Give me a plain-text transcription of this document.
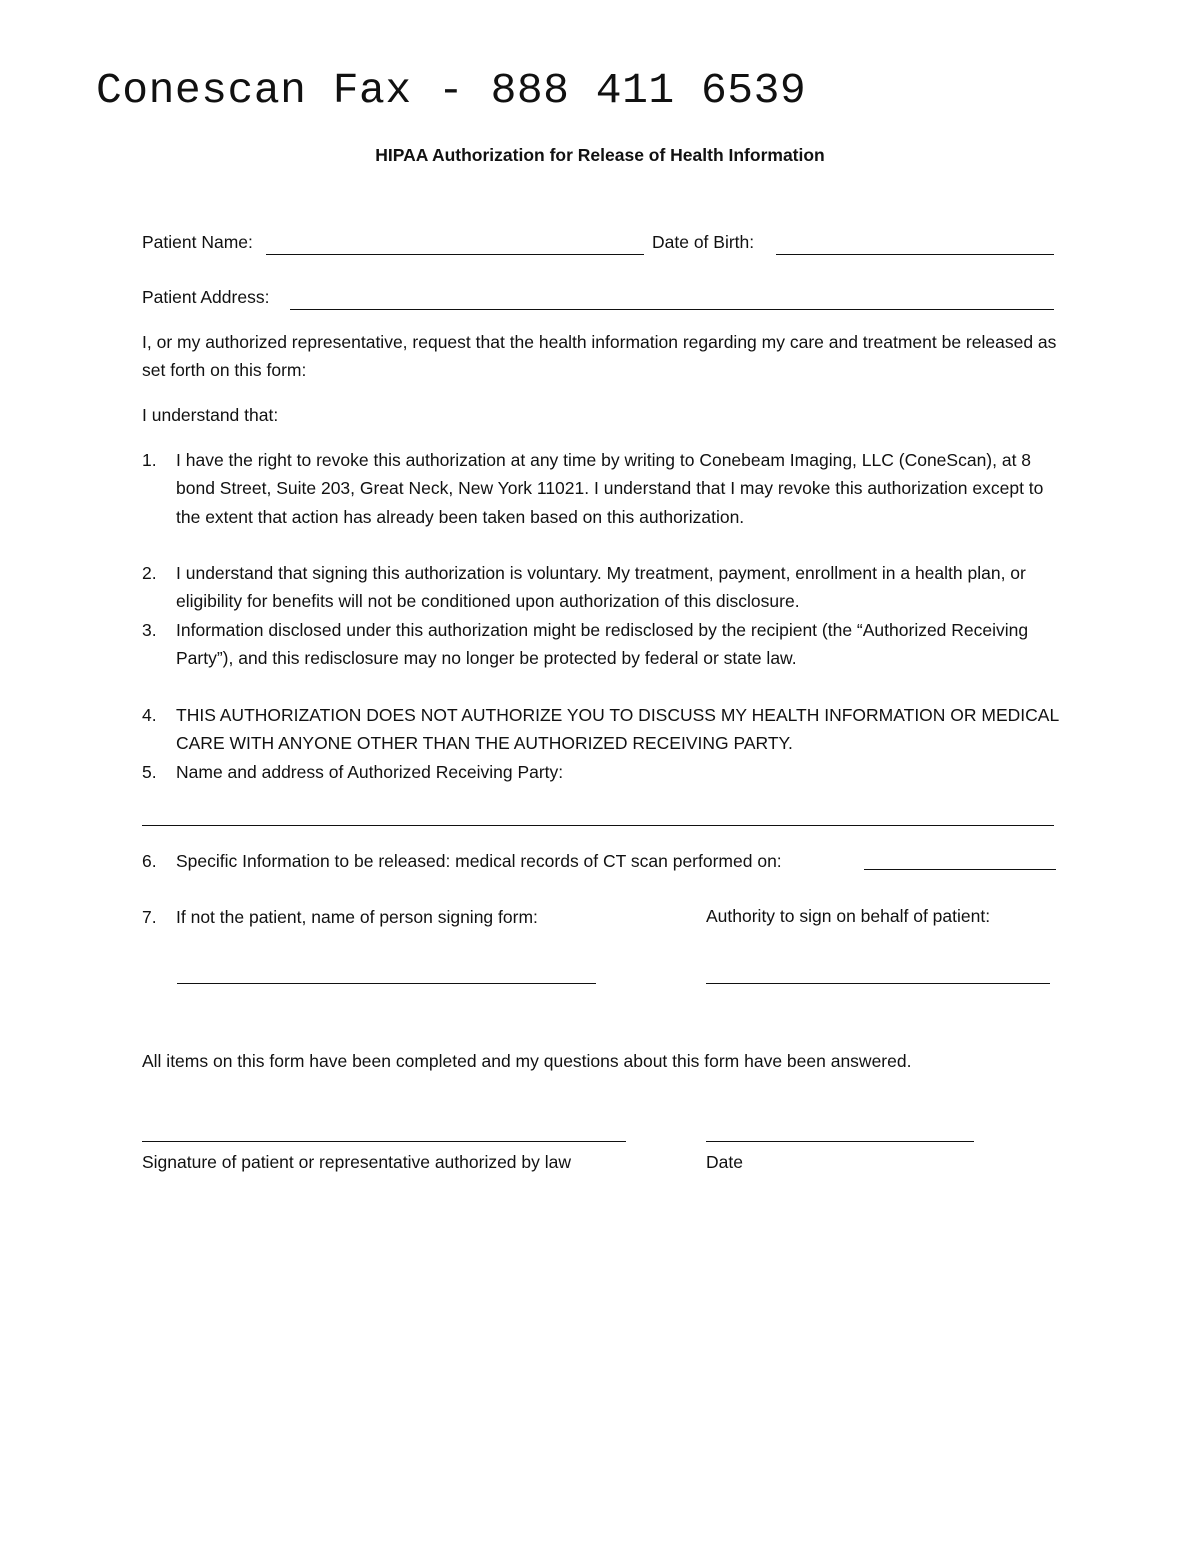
Conescan Fax - 888 411 6539
HIPAA Authorization for Release of Health Information
Patient Name:	Date of Birth:
Patient Address:
I, or my authorized representative, request that the health information regarding my care and treatment be released as set forth on this form:
I understand that:
1.	I have the right to revoke this authorization at any time by writing to Conebeam Imaging, LLC (ConeScan), at 8 bond Street, Suite 203, Great Neck, New York 11021. I understand that I may revoke this authorization except to the extent that action has already been taken based on this authorization.
2.	I understand that signing this authorization is voluntary. My treatment, payment, enrollment in a health plan, or eligibility for benefits will not be conditioned upon authorization of this disclosure.
3.	Information disclosed under this authorization might be redisclosed by the recipient (the “Authorized Receiving Party”), and this redisclosure may no longer be protected by federal or state law.
4.	THIS AUTHORIZATION DOES NOT AUTHORIZE YOU TO DISCUSS MY HEALTH INFORMATION OR MEDICAL CARE WITH ANYONE OTHER THAN THE AUTHORIZED RECEIVING PARTY.
5.	Name and address of Authorized Receiving Party:
6.	Specific Information to be released: medical records of CT scan performed on:
7.	If not the patient, name of person signing form:	Authority to sign on behalf of patient:
All items on this form have been completed and my questions about this form have been answered.
Signature of patient or representative authorized by law	Date
